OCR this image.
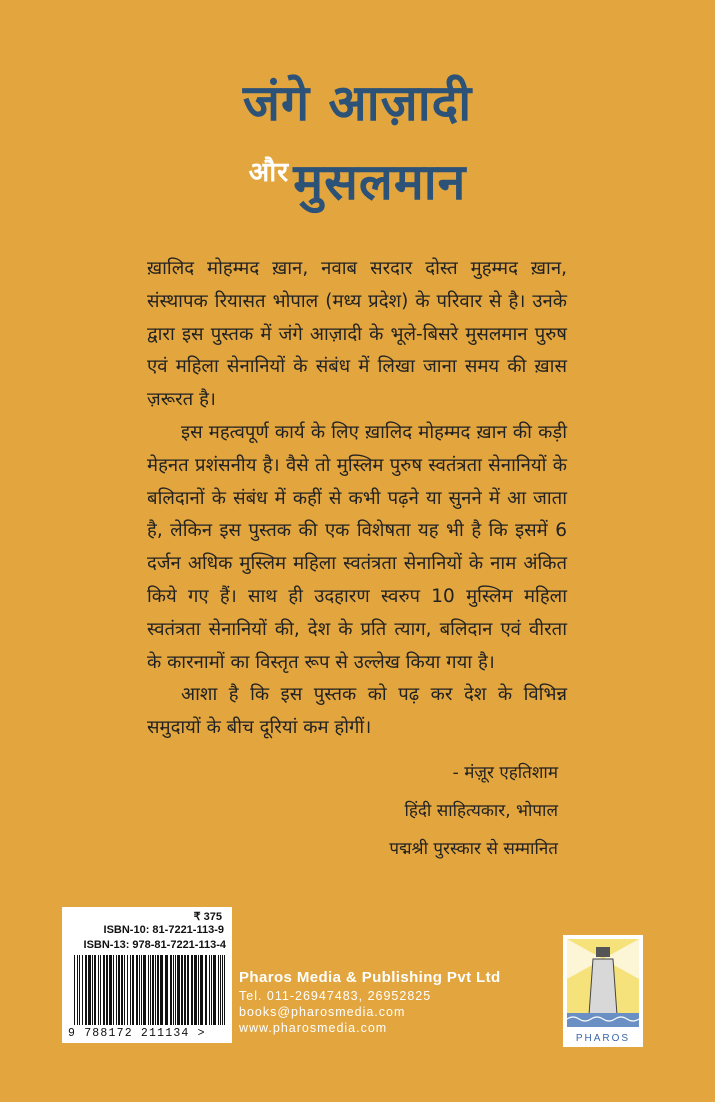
जंगे आज़ादी
$^{और}$मुसलमान

ख़ालिद मोहम्मद ख़ान, नवाब सरदार दोस्त मुहम्मद ख़ान, संस्थापक रियासत भोपाल (मध्य प्रदेश) के परिवार से है। उनके द्वारा इस पुस्तक में जंगे आज़ादी के भूले-बिसरे मुसलमान पुरुष एवं महिला सेनानियों के संबंध में लिखा जाना समय की ख़ास ज़रूरत है।

इस महत्वपूर्ण कार्य के लिए ख़ालिद मोहम्मद ख़ान की कड़ी मेहनत प्रशंसनीय है। वैसे तो मुस्लिम पुरुष स्वतंत्रता सेनानियों के बलिदानों के संबंध में कहीं से कभी पढ़ने या सुनने में आ जाता है, लेकिन इस पुस्तक की एक विशेषता यह भी है कि इसमें 6 दर्जन अधिक मुस्लिम महिला स्वतंत्रता सेनानियों के नाम अंकित किये गए हैं। साथ ही उदहारण स्वरुप 10 मुस्लिम महिला स्वतंत्रता सेनानियों की, देश के प्रति त्याग, बलिदान एवं वीरता के कारनामों का विस्तृत रूप से उल्लेख किया गया है।

आशा है कि इस पुस्तक को पढ़ कर देश के विभिन्न समुदायों के बीच दूरियां कम होगीं।

- मंज़ूर एहतिशाम
हिंदी साहित्यकार, भोपाल
पद्मश्री पुरस्कार से सम्मानित
₹ 375
ISBN-10: 81-7221-113-9
ISBN-13: 978-81-7221-113-4
9 788172 211134 >
Pharos Media & Publishing Pvt Ltd
Tel. 011-26947483, 26952825
books@pharosmedia.com
www.pharosmedia.com
PHAROS
